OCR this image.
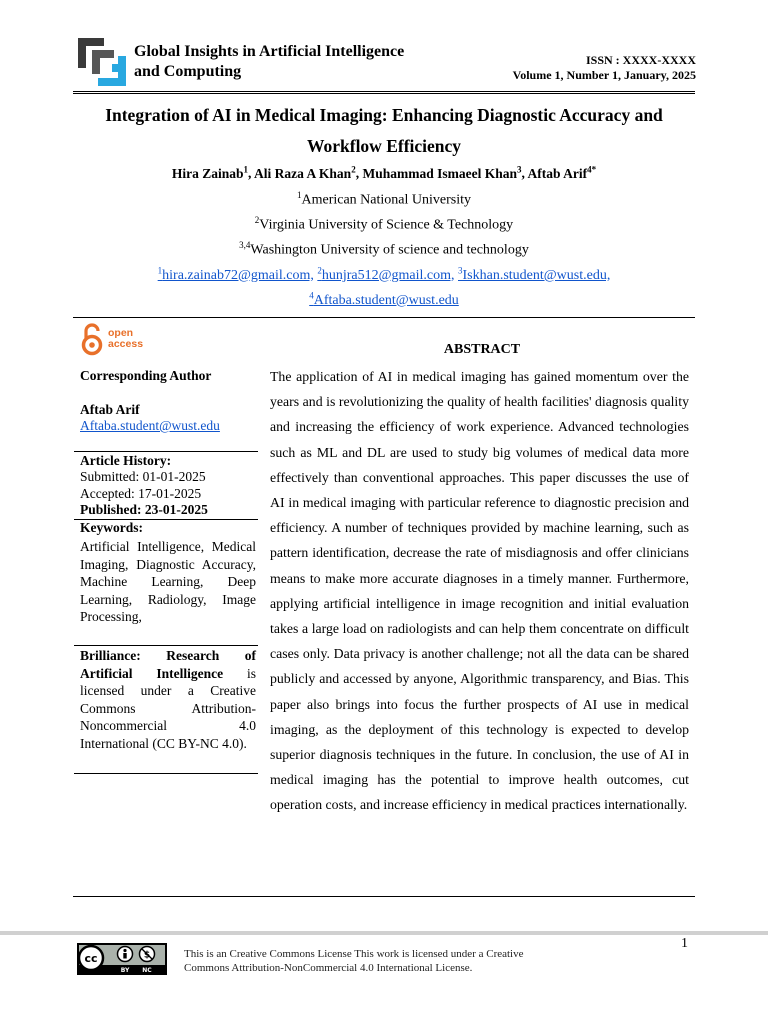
Global Insights in Artificial Intelligence
and Computing
ISSN : XXXX-XXXX
Volume 1, Number 1, January, 2025
Integration of AI in Medical Imaging: Enhancing Diagnostic Accuracy and
Workflow Efficiency
Hira Zainab$^1$, Ali Raza A Khan$^2$, Muhammad Ismaeel Khan$^3$, Aftab Arif$^{4*}$
$^1$American National University
$^2$Virginia University of Science & Technology
$^{3,4}$Washington University of science and technology
$^1$hira.zainab72@gmail.com, $^2$hunjra512@gmail.com, $^3$Iskhan.student@wust.edu,
$^4$Aftaba.student@wust.edu
open
access
Corresponding Author
Aftab Arif
Aftaba.student@wust.edu
Article History:
Submitted: 01-01-2025
Accepted: 17-01-2025
Published: 23-01-2025
Keywords:
Artificial Intelligence, Medical Imaging, Diagnostic Accuracy, Machine Learning, Deep Learning, Radiology, Image Processing,
Brilliance: Research of Artificial Intelligence is licensed under a Creative Commons Attribution-Noncommercial 4.0 International (CC BY-NC 4.0).
ABSTRACT
The application of AI in medical imaging has gained momentum over the years and is revolutionizing the quality of health facilities' diagnosis quality and increasing the efficiency of work experience. Advanced technologies such as ML and DL are used to study big volumes of medical data more effectively than conventional approaches. This paper discusses the use of AI in medical imaging with particular reference to diagnostic precision and efficiency. A number of techniques provided by machine learning, such as pattern identification, decrease the rate of misdiagnosis and offer clinicians means to make more accurate diagnoses in a timely manner. Furthermore, applying artificial intelligence in image recognition and initial evaluation takes a large load on radiologists and can help them concentrate on difficult cases only. Data privacy is another challenge; not all the data can be shared publicly and accessed by anyone, Algorithmic transparency, and Bias. This paper also brings into focus the further prospects of AI use in medical imaging, as the deployment of this technology is expected to develop superior diagnosis techniques in the future. In conclusion, the use of AI in medical imaging has the potential to improve health outcomes, cut operation costs, and increase efficiency in medical practices internationally.
1
cc	$
BY NC
This is an Creative Commons License This work is licensed under a Creative
Commons Attribution-NonCommercial 4.0 International License.
